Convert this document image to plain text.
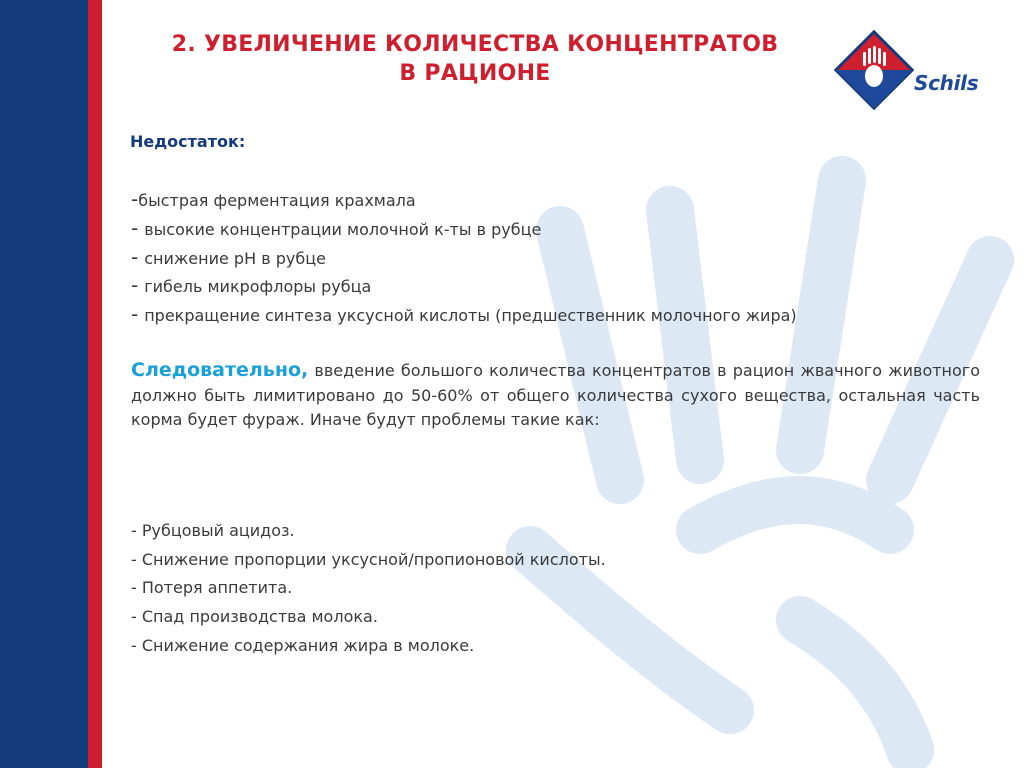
2. УВЕЛИЧЕНИЕ КОЛИЧЕСТВА КОНЦЕНТРАТОВ
В РАЦИОНЕ	Schils
Недостаток:
-быстрая ферментация крахмала
- высокие концентрации молочной к-ты в рубце
- снижение рН в рубце
- гибель микрофлоры рубца
- прекращение синтеза уксусной кислоты (предшественник молочного жира)

Следовательно, введение большого количества концентратов в рацион жвачного животного должно быть лимитировано до 50-60% от общего количества сухого вещества, остальная часть корма будет фураж. Иначе будут проблемы такие как:

- Рубцовый ацидоз.
- Снижение пропорции уксусной/пропионовой кислоты.
- Потеря аппетита.
- Спад производства молока.
- Снижение содержания жира в молоке.
